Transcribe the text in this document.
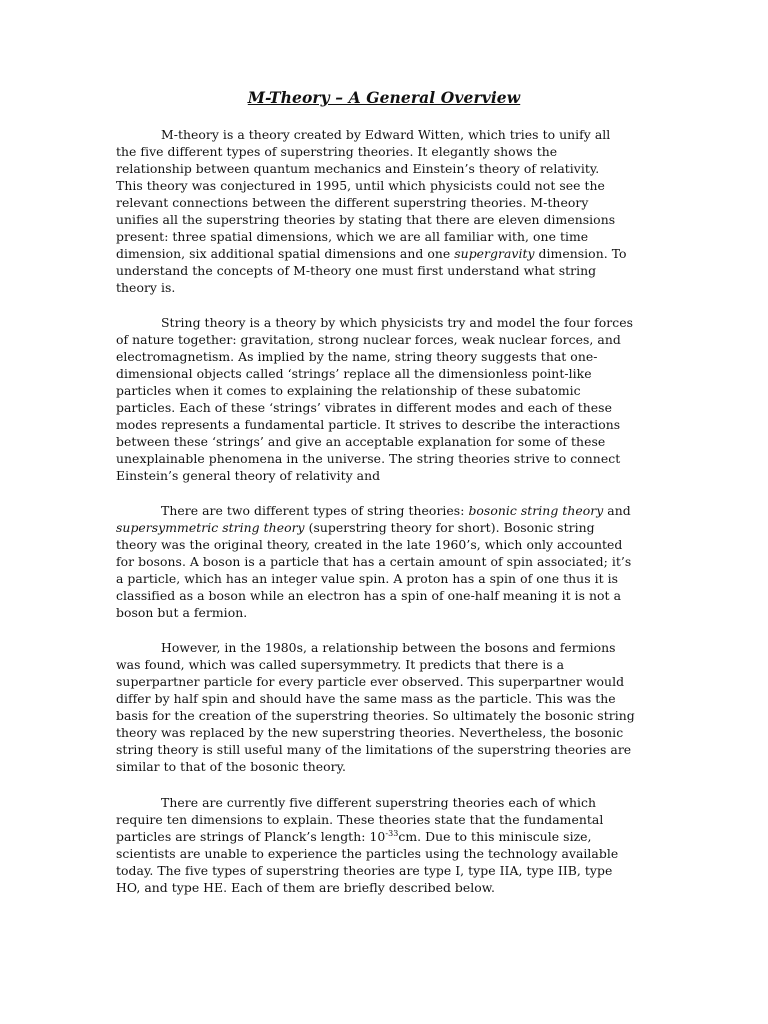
M-Theory – A General Overview

M-theory is a theory created by Edward Witten, which tries to unify all
the five different types of superstring theories. It elegantly shows the
relationship between quantum mechanics and Einstein’s theory of relativity.
This theory was conjectured in 1995, until which physicists could not see the
relevant connections between the different superstring theories. M-theory
unifies all the superstring theories by stating that there are eleven dimensions
present: three spatial dimensions, which we are all familiar with, one time
dimension, six additional spatial dimensions and one supergravity dimension. To
understand the concepts of M-theory one must first understand what string
theory is.

String theory is a theory by which physicists try and model the four forces
of nature together: gravitation, strong nuclear forces, weak nuclear forces, and
electromagnetism. As implied by the name, string theory suggests that one-
dimensional objects called ‘strings’ replace all the dimensionless point-like
particles when it comes to explaining the relationship of these subatomic
particles. Each of these ‘strings’ vibrates in different modes and each of these
modes represents a fundamental particle. It strives to describe the interactions
between these ‘strings’ and give an acceptable explanation for some of these
unexplainable phenomena in the universe. The string theories strive to connect
Einstein’s general theory of relativity and

There are two different types of string theories: bosonic string theory and
supersymmetric string theory (superstring theory for short). Bosonic string
theory was the original theory, created in the late 1960’s, which only accounted
for bosons. A boson is a particle that has a certain amount of spin associated; it’s
a particle, which has an integer value spin. A proton has a spin of one thus it is
classified as a boson while an electron has a spin of one-half meaning it is not a
boson but a fermion.

However, in the 1980s, a relationship between the bosons and fermions
was found, which was called supersymmetry. It predicts that there is a
superpartner particle for every particle ever observed. This superpartner would
differ by half spin and should have the same mass as the particle. This was the
basis for the creation of the superstring theories. So ultimately the bosonic string
theory was replaced by the new superstring theories. Nevertheless, the bosonic
string theory is still useful many of the limitations of the superstring theories are
similar to that of the bosonic theory.

There are currently five different superstring theories each of which
require ten dimensions to explain. These theories state that the fundamental
particles are strings of Planck’s length: $10^{-33}cm$. Due to this miniscule size,
scientists are unable to experience the particles using the technology available
today. The five types of superstring theories are type I, type IIA, type IIB, type
HO, and type HE. Each of them are briefly described below.
